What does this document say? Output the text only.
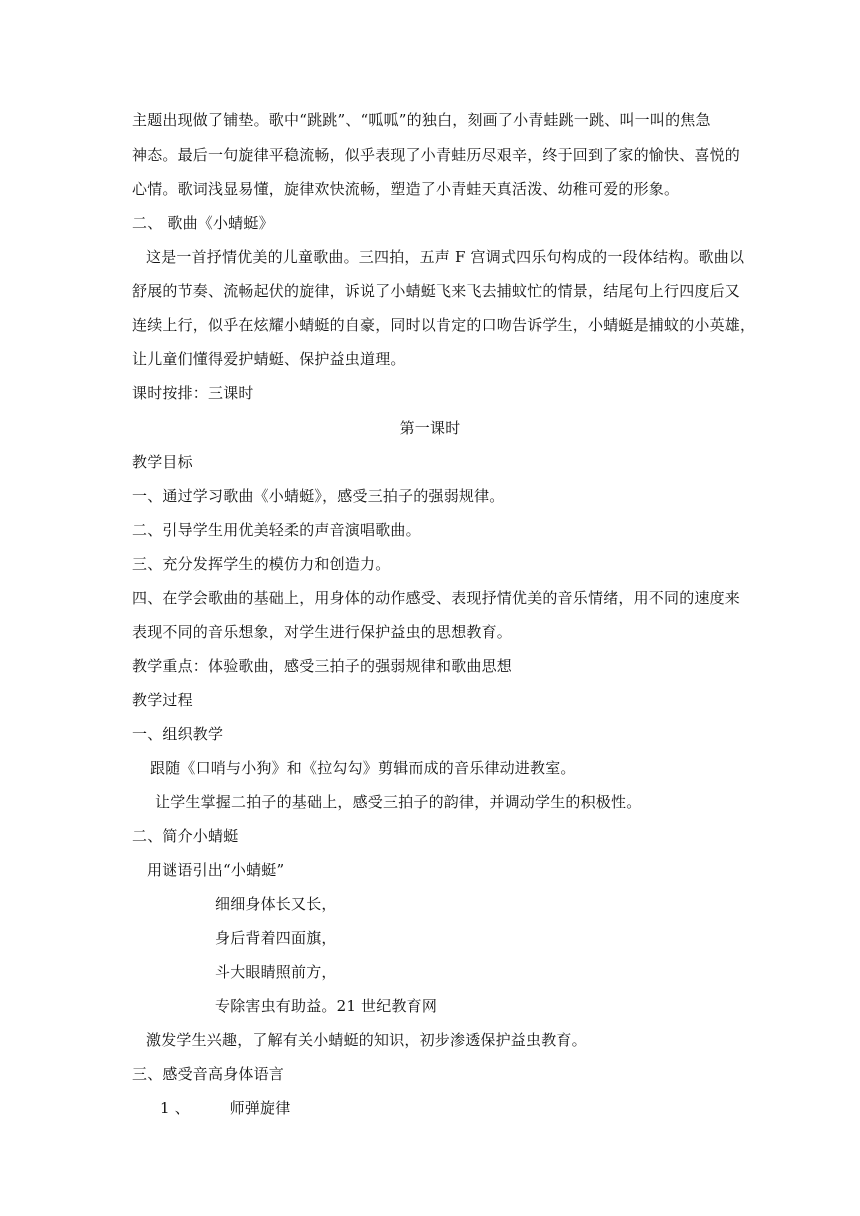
主题出现做了铺垫。歌中“跳跳”、“呱呱”的独白，刻画了小青蛙跳一跳、叫一叫的焦急
神态。最后一句旋律平稳流畅，似乎表现了小青蛙历尽艰辛，终于回到了家的愉快、喜悦的
心情。歌词浅显易懂，旋律欢快流畅，塑造了小青蛙天真活泼、幼稚可爱的形象。
二、 歌曲《小蜻蜓》
这是一首抒情优美的儿童歌曲。三四拍，五声 F 宫调式四乐句构成的一段体结构。歌曲以
舒展的节奏、流畅起伏的旋律，诉说了小蜻蜓飞来飞去捕蚊忙的情景，结尾句上行四度后又
连续上行，似乎在炫耀小蜻蜓的自豪，同时以肯定的口吻告诉学生，小蜻蜓是捕蚊的小英雄，
让儿童们懂得爱护蜻蜓、保护益虫道理。
课时按排：三课时
第一课时
教学目标
一、通过学习歌曲《小蜻蜓》，感受三拍子的强弱规律。
二、引导学生用优美轻柔的声音演唱歌曲。
三、充分发挥学生的模仿力和创造力。
四、在学会歌曲的基础上，用身体的动作感受、表现抒情优美的音乐情绪，用不同的速度来
表现不同的音乐想象，对学生进行保护益虫的思想教育。
教学重点：体验歌曲，感受三拍子的强弱规律和歌曲思想
教学过程
一、组织教学
跟随《口哨与小狗》和《拉勾勾》剪辑而成的音乐律动进教室。
让学生掌握二拍子的基础上，感受三拍子的韵律，并调动学生的积极性。
二、简介小蜻蜓
用谜语引出“小蜻蜓”
细细身体长又长，
身后背着四面旗，
斗大眼睛照前方，
专除害虫有助益。21 世纪教育网
激发学生兴趣，了解有关小蜻蜓的知识，初步渗透保护益虫教育。
三、感受音高身体语言
1 、        师弹旋律
